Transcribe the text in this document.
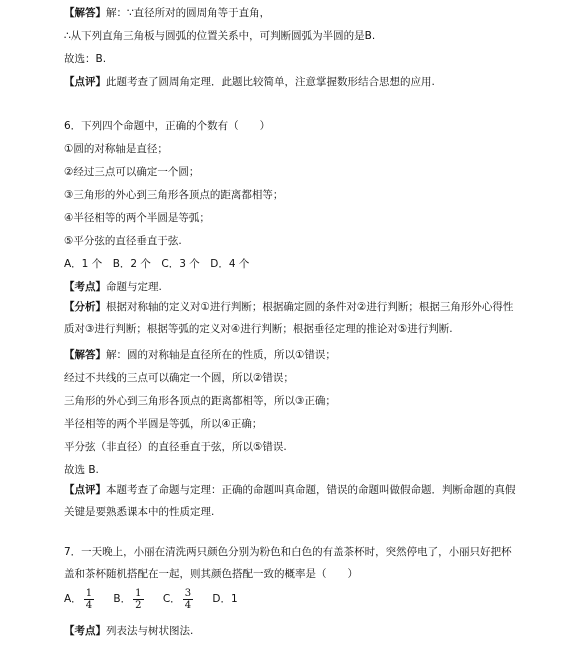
【解答】解：∵直径所对的圆周角等于直角，
∴从下列直角三角板与圆弧的位置关系中，可判断圆弧为半圆的是B.
故选：B.
【点评】此题考查了圆周角定理．此题比较简单，注意掌握数形结合思想的应用.
6．下列四个命题中，正确的个数有（　　）
①圆的对称轴是直径；
②经过三点可以确定一个圆；
③三角形的外心到三角形各顶点的距离都相等；
④半径相等的两个半圆是等弧；
⑤平分弦的直径垂直于弦.
A．1 个　B．2 个　C．3 个　D．4 个
【考点】命题与定理.
【分析】根据对称轴的定义对①进行判断；根据确定圆的条件对②进行判断；根据三角形外心得性质对③进行判断；根据等弧的定义对④进行判断；根据垂径定理的推论对⑤进行判断.
【解答】解：圆的对称轴是直径所在的性质，所以①错误；
经过不共线的三点可以确定一个圆，所以②错误；
三角形的外心到三角形各顶点的距离都相等，所以③正确；
半径相等的两个半圆是等弧，所以④正确；
平分弦（非直径）的直径垂直于弦，所以⑤错误.
故选 B.
【点评】本题考查了命题与定理：正确的命题叫真命题，错误的命题叫做假命题．判断命题的真假关键是要熟悉课本中的性质定理.
7．一天晚上，小丽在清洗两只颜色分别为粉色和白色的有盖茶杯时，突然停电了，小丽只好把杯盖和茶杯随机搭配在一起，则其颜色搭配一致的概率是（　　）
A． $\frac{1}{4}$ B． $\frac{1}{2}$ C． $\frac{3}{4}$ D．1
【考点】列表法与树状图法.
